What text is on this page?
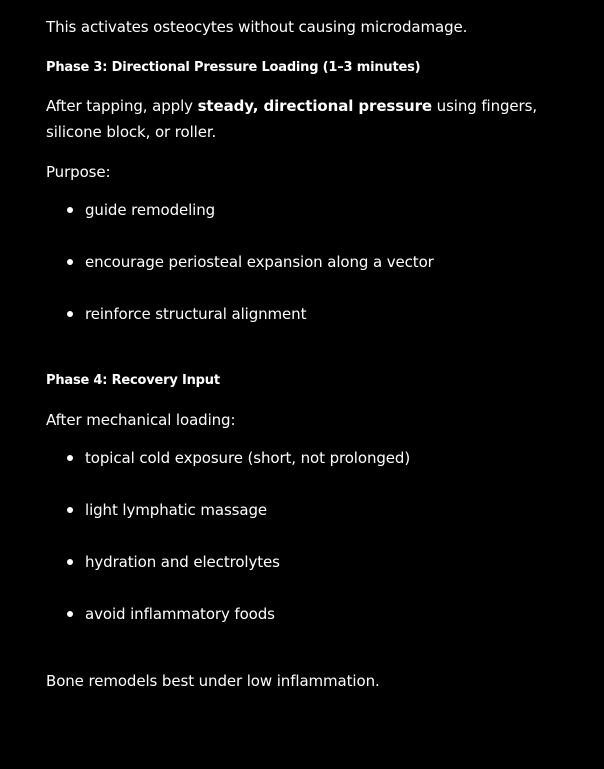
This activates osteocytes without causing microdamage.

Phase 3: Directional Pressure Loading (1–3 minutes)

After tapping, apply steady, directional pressure using fingers, silicone block, or roller.

Purpose:

guide remodeling
encourage periosteal expansion along a vector
reinforce structural alignment

Phase 4: Recovery Input

After mechanical loading:

topical cold exposure (short, not prolonged)
light lymphatic massage
hydration and electrolytes
avoid inflammatory foods

Bone remodels best under low inflammation.
